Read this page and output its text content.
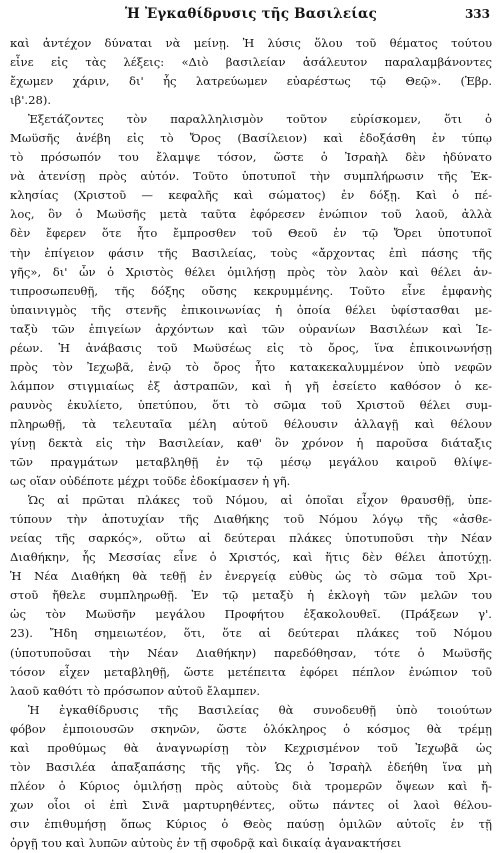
Ἡ Ἐγκαθίδρυσις τῆς Βασιλείας	333
καὶ ἀντέχον δύναται νὰ μείνῃ. Ἡ λύσις ὅλου τοῦ θέματος τούτου
εἶνε εἰς τὰς λέξεις: «Διὸ βασιλείαν ἀσάλευτον παραλαμβάνοντες
ἔχωμεν χάριν, δι' ἧς λατρεύωμεν εὐαρέστως τῷ Θεῷ». (Ἑβρ.
ιβ'.28).
Ἐξετάζοντες τὸν παραλληλισμὸν τοῦτον εὑρίσκομεν, ὅτι ὁ
Μωϋσῆς ἀνέβη εἰς τὸ Ὄρος (Βασίλειον) καὶ ἐδοξάσθη ἐν τύπῳ
τὸ πρόσωπόν του ἔλαμψε τόσον, ὥστε ὁ Ἰσραὴλ δὲν ἠδύνατο
νὰ ἀτενίσῃ πρὸς αὐτόν. Τοῦτο ὑποτυποῖ τὴν συμπλήρωσιν τῆς Ἐκ-
κλησίας (Χριστοῦ — κεφαλῆς καὶ σώματος) ἐν δόξῃ. Καὶ ὁ πέ-
λος, ὃν ὁ Μωϋσῆς μετὰ ταῦτα ἐφόρεσεν ἐνώπιον τοῦ λαοῦ, ἀλλὰ
δὲν ἔφερεν ὅτε ἦτο ἔμπροσθεν τοῦ Θεοῦ ἐν τῷ Ὄρει ὑποτυποῖ
τὴν ἐπίγειον φάσιν τῆς Βασιλείας, τοὺς «ἄρχοντας ἐπὶ πάσης τῆς
γῆς», δι' ὧν ὁ Χριστὸς θέλει ὁμιλήσῃ πρὸς τὸν λαὸν καὶ θέλει ἀν-
τιπροσωπευθῇ, τῆς δόξης οὔσης κεκρυμμένης. Τοῦτο εἶνε ἐμφανὴς
ὑπαινιγμὸς τῆς στενῆς ἐπικοινωνίας ἡ ὁποία θέλει ὑφίστασθαι με-
ταξὺ τῶν ἐπιγείων ἀρχόντων καὶ τῶν οὐρανίων Βασιλέων καὶ Ἱε-
ρέων. Ἡ ἀνάβασις τοῦ Μωϋσέως εἰς τὸ ὄρος, ἵνα ἐπικοινωνήσῃ
πρὸς τὸν Ἰεχωβᾶ, ἐνῷ τὸ ὄρος ἦτο κατακεκαλυμμένον ὑπὸ νεφῶν
λάμπον στιγμιαίως ἐξ ἀστραπῶν, καὶ ἡ γῆ ἐσείετο καθόσον ὁ κε-
ραυνὸς ἐκυλίετο, ὑπετύπου, ὅτι τὸ σῶμα τοῦ Χριστοῦ θέλει συμ-
πληρωθῇ, τὰ τελευταῖα μέλη αὐτοῦ θέλουσιν ἀλλαγῇ καὶ θέλουν
γίνῃ δεκτὰ εἰς τὴν Βασιλείαν, καθ' ὃν χρόνον ἡ παροῦσα διάταξις
τῶν πραγμάτων μεταβληθῇ ἐν τῷ μέσῳ μεγάλου καιροῦ θλίψε-
ως οἵαν οὐδέποτε μέχρι τοῦδε ἐδοκίμασεν ἡ γῆ.
Ὡς αἱ πρῶται πλάκες τοῦ Νόμου, αἱ ὁποῖαι εἶχον θραυσθῇ, ὑπε-
τύπουν τὴν ἀποτυχίαν τῆς Διαθήκης τοῦ Νόμου λόγῳ τῆς «ἀσθε-
νείας τῆς σαρκός», οὕτω αἱ δεύτεραι πλάκες ὑποτυποῦσι τὴν Νέαν
Διαθήκην, ἧς Μεσσίας εἶνε ὁ Χριστός, καὶ ἥτις δὲν θέλει ἀποτύχῃ.
Ἡ Νέα Διαθήκη θὰ τεθῇ ἐν ἐνεργείᾳ εὐθὺς ὡς τὸ σῶμα τοῦ Χρι-
στοῦ ἤθελε συμπληρωθῇ. Ἐν τῷ μεταξὺ ἡ ἐκλογὴ τῶν μελῶν του
ὡς τὸν Μωϋσῆν μεγάλου Προφήτου ἐξακολουθεῖ. (Πράξεων γ'.
23). Ἤδη σημειωτέον, ὅτι, ὅτε αἱ δεύτεραι πλάκες τοῦ Νόμου
(ὑποτυποῦσαι τὴν Νέαν Διαθήκην) παρεδόθησαν, τότε ὁ Μωϋσῆς
τόσον εἶχεν μεταβληθῇ, ὥστε μετέπειτα ἐφόρει πέπλον ἐνώπιον τοῦ
λαοῦ καθότι τὸ πρόσωπον αὐτοῦ ἔλαμπεν.
Ἡ ἐγκαθίδρυσις τῆς Βασιλείας θὰ συνοδευθῇ ὑπὸ τοιούτων
φόβον ἐμποιουσῶν σκηνῶν, ὥστε ὁλόκληρος ὁ κόσμος θὰ τρέμῃ
καὶ προθύμως θὰ ἀναγνωρίσῃ τὸν Κεχρισμένον τοῦ Ἰεχωβᾶ ὡς
τὸν Βασιλέα ἁπαξαπάσης τῆς γῆς. Ὡς ὁ Ἰσραὴλ ἐδεήθη ἵνα μὴ
πλέον ὁ Κύριος ὁμιλήσῃ πρὸς αὐτοὺς διὰ τρομερῶν ὄψεων καὶ ἤ-
χων οἷοι οἱ ἐπὶ Σινᾶ μαρτυρηθέντες, οὕτω πάντες οἱ λαοὶ θέλου-
σιν ἐπιθυμήσῃ ὅπως Κύριος ὁ Θεὸς παύσῃ ὁμιλῶν αὐτοῖς ἐν τῇ
ὀργῇ του καὶ λυπῶν αὐτοὺς ἐν τῇ σφοδρᾷ καὶ δικαίᾳ ἀγανακτήσει
